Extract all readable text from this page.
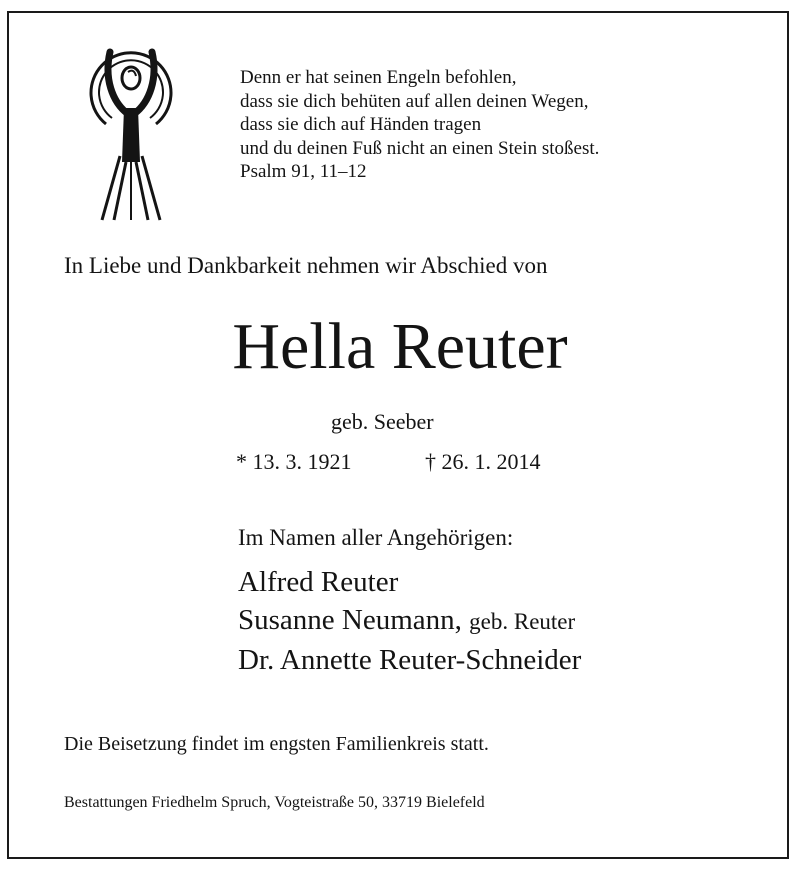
Denn er hat seinen Engeln befohlen,
dass sie dich behüten auf allen deinen Wegen,
dass sie dich auf Händen tragen
und du deinen Fuß nicht an einen Stein stoßest.
Psalm 91, 11–12
In Liebe und Dankbarkeit nehmen wir Abschied von
Hella Reuter
geb. Seeber
* 13. 3. 1921	† 26. 1. 2014
Im Namen aller Angehörigen:
Alfred Reuter
Susanne Neumann, geb. Reuter
Dr. Annette Reuter-Schneider
Die Beisetzung findet im engsten Familienkreis statt.
Bestattungen Friedhelm Spruch, Vogteistraße 50, 33719 Bielefeld
